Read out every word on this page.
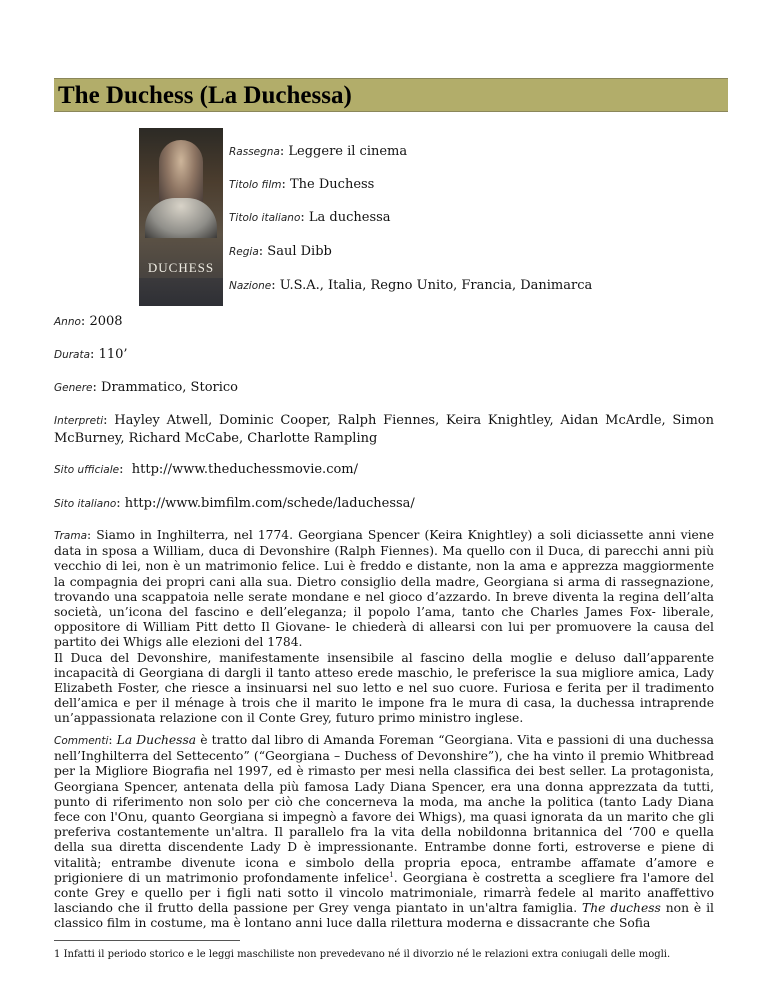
The Duchess (La Duchessa)
DUCHESS
Rassegna: Leggere il cinema
Titolo film: The Duchess
Titolo italiano: La duchessa
Regia: Saul Dibb
Nazione: U.S.A., Italia, Regno Unito, Francia, Danimarca
Anno: 2008
Durata: 110’
Genere: Drammatico, Storico
Interpreti: Hayley Atwell, Dominic Cooper, Ralph Fiennes, Keira Knightley, Aidan McArdle, Simon McBurney, Richard McCabe, Charlotte Rampling
Sito ufficiale:  http://www.theduchessmovie.com/
Sito italiano: http://www.bimfilm.com/schede/laduchessa/

Trama: Siamo in Inghilterra, nel 1774. Georgiana Spencer (Keira Knightley) a soli diciassette anni viene data in sposa a William, duca di Devonshire (Ralph Fiennes). Ma quello con il Duca, di parecchi anni più vecchio di lei, non è un matrimonio felice. Lui è freddo e distante, non la ama e apprezza maggiormente la compagnia dei propri cani alla sua. Dietro consiglio della madre, Georgiana si arma di rassegnazione, trovando una scappatoia nelle serate mondane e nel gioco d’azzardo. In breve diventa la regina dell’alta società, un’icona del fascino e dell’eleganza; il popolo l’ama, tanto che Charles James Fox- liberale, oppositore di William Pitt detto Il Giovane- le chiederà di allearsi con lui per promuovere la causa del partito dei Whigs alle elezioni del 1784.

Il Duca del Devonshire, manifestamente insensibile al fascino della moglie e deluso dall’apparente incapacità di Georgiana di dargli il tanto atteso erede maschio, le preferisce la sua migliore amica, Lady Elizabeth Foster, che riesce a insinuarsi nel suo letto e nel suo cuore. Furiosa e ferita per il tradimento dell’amica e per il ménage à trois che il marito le impone fra le mura di casa, la duchessa intraprende un’appassionata relazione con il Conte Grey, futuro primo ministro inglese.

Commenti: La Duchessa è tratto dal libro di Amanda Foreman “Georgiana. Vita e passioni di una duchessa nell’Inghilterra del Settecento” (“Georgiana – Duchess of Devonshire”), che ha vinto il premio Whitbread per la Migliore Biografia nel 1997, ed è rimasto per mesi nella classifica dei best seller. La protagonista, Georgiana Spencer, antenata della più famosa Lady Diana Spencer, era una donna apprezzata da tutti, punto di riferimento non solo per ciò che concerneva la moda, ma anche la politica (tanto Lady Diana fece con l'Onu, quanto Georgiana si impegnò a favore dei Whigs), ma quasi ignorata da un marito che gli preferiva costantemente un'altra. Il parallelo fra la vita della nobildonna britannica del ‘700 e quella della sua diretta discendente Lady D è impressionante. Entrambe donne forti, estroverse e piene di vitalità; entrambe divenute icona e simbolo della propria epoca, entrambe affamate d’amore e prigioniere di un matrimonio profondamente infelice$^1$. Georgiana è costretta a scegliere fra l'amore del conte Grey e quello per i figli nati sotto il vincolo matrimoniale, rimarrà fedele al marito anaffettivo lasciando che il frutto della passione per Grey venga piantato in un'altra famiglia. The duchess non è il classico film in costume, ma è lontano anni luce dalla rilettura moderna e dissacrante che Sofia

1 Infatti il periodo storico e le leggi maschiliste non prevedevano né il divorzio né le relazioni extra coniugali delle mogli.
